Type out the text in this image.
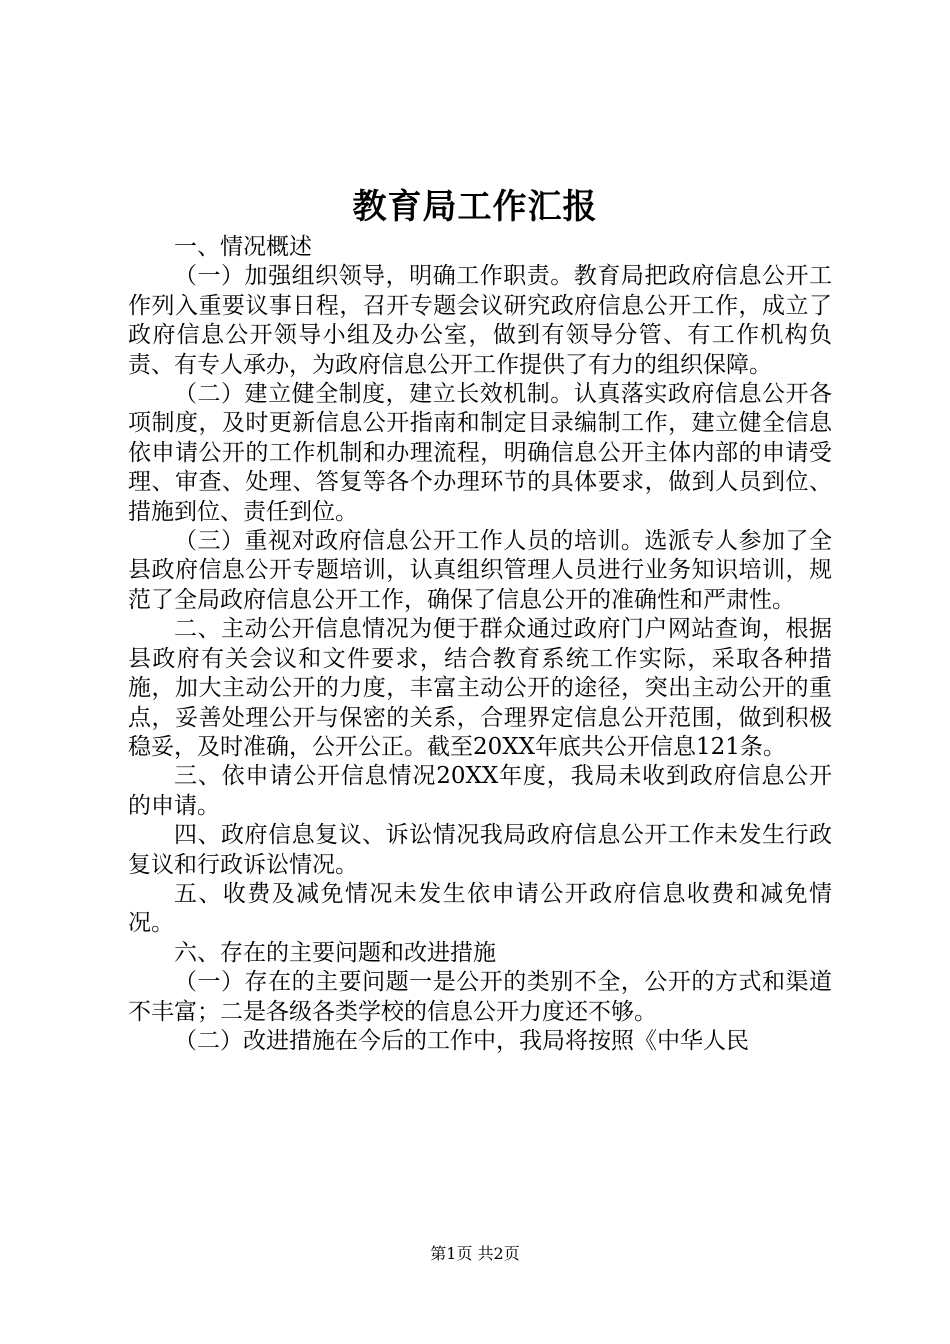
教育局工作汇报

一、情况概述

（一）加强组织领导，明确工作职责。教育局把政府信息公开工作列入重要议事日程，召开专题会议研究政府信息公开工作，成立了政府信息公开领导小组及办公室，做到有领导分管、有工作机构负责、有专人承办，为政府信息公开工作提供了有力的组织保障。

（二）建立健全制度，建立长效机制。认真落实政府信息公开各项制度，及时更新信息公开指南和制定目录编制工作，建立健全信息依申请公开的工作机制和办理流程，明确信息公开主体内部的申请受理、审查、处理、答复等各个办理环节的具体要求，做到人员到位、措施到位、责任到位。

（三）重视对政府信息公开工作人员的培训。选派专人参加了全县政府信息公开专题培训，认真组织管理人员进行业务知识培训，规范了全局政府信息公开工作，确保了信息公开的准确性和严肃性。

二、主动公开信息情况为便于群众通过政府门户网站查询，根据县政府有关会议和文件要求，结合教育系统工作实际，采取各种措施，加大主动公开的力度，丰富主动公开的途径，突出主动公开的重点，妥善处理公开与保密的关系，合理界定信息公开范围，做到积极稳妥，及时准确，公开公正。截至20XX年底共公开信息121条。

三、依申请公开信息情况20XX年度，我局未收到政府信息公开的申请。

四、政府信息复议、诉讼情况我局政府信息公开工作未发生行政复议和行政诉讼情况。

五、收费及减免情况未发生依申请公开政府信息收费和减免情况。

六、存在的主要问题和改进措施

（一）存在的主要问题一是公开的类别不全，公开的方式和渠道不丰富；二是各级各类学校的信息公开力度还不够。

（二）改进措施在今后的工作中，我局将按照《中华人民

第1页 共2页
